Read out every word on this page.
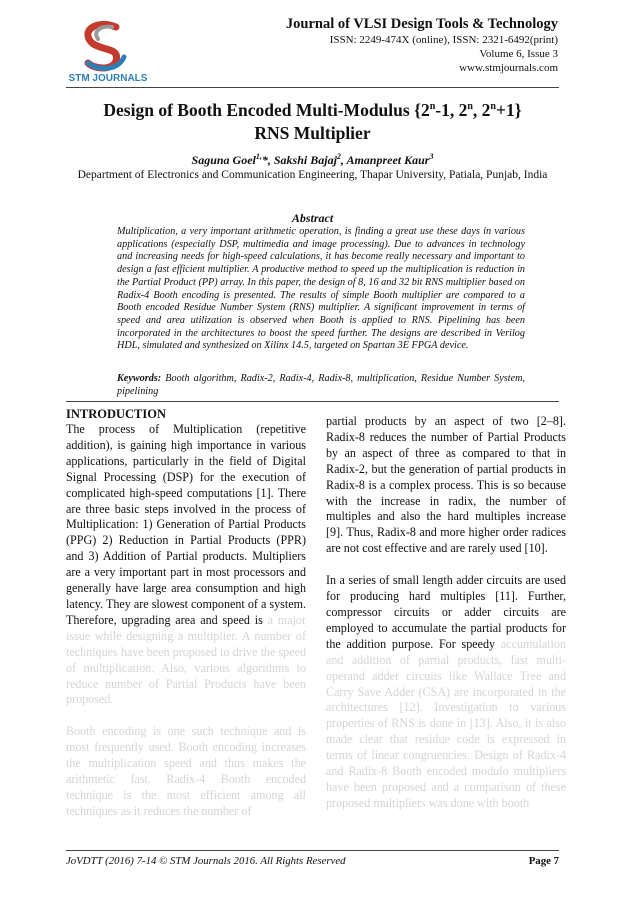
STM JOURNALS
Journal of VLSI Design Tools & Technology
ISSN: 2249-474X (online), ISSN: 2321-6492(print)
Volume 6, Issue 3
www.stmjournals.com
Design of Booth Encoded Multi-Modulus {2$^n$-1, 2$^n$, $2^n+1$}
RNS Multiplier
Saguna Goel$^{1,}$*, Sakshi Bajaj$^2$, Amanpreet Kaur$^3$
Department of Electronics and Communication Engineering, Thapar University, Patiala, Punjab, India
Abstract
Multiplication, a very important arithmetic operation, is finding a great use these days in various applications (especially DSP, multimedia and image processing). Due to advances in technology and increasing needs for high-speed calculations, it has become really necessary and important to design a fast efficient multiplier. A productive method to speed up the multiplication is reduction in the Partial Product (PP) array. In this paper, the design of 8, 16 and 32 bit RNS multiplier based on Radix-4 Booth encoding is presented. The results of simple Booth multiplier are compared to a Booth encoded Residue Number System (RNS) multiplier. A significant improvement in terms of speed and area utilization is observed when Booth is applied to RNS. Pipelining has been incorporated in the architectures to boost the speed further. The designs are described in Verilog HDL, simulated and synthesized on Xilinx 14.5, targeted on Spartan 3E FPGA device.
Keywords: Booth algorithm, Radix-2, Radix-4, Radix-8, multiplication, Residue Number System, pipelining
INTRODUCTION

The process of Multiplication (repetitive addition), is gaining high importance in various applications, particularly in the field of Digital Signal Processing (DSP) for the execution of complicated high-speed computations [1]. There are three basic steps involved in the process of Multiplication: 1) Generation of Partial Products (PPG) 2) Reduction in Partial Products (PPR) and 3) Addition of Partial products. Multipliers are a very important part in most processors and generally have large area consumption and high latency. They are slowest component of a system. Therefore, upgrading area and speed is a major issue while designing a multiplier. A number of techniques have been proposed to drive the speed of multiplication. Also, various algorithms to reduce number of Partial Products have been proposed.

Booth encoding is one such technique and is most frequently used. Booth encoding increases the multiplication speed and thus makes the arithmetic fast. Radix-4 Booth encoded technique is the most efficient among all techniques as it reduces the number of

partial products by an aspect of two [2–8]. Radix-8 reduces the number of Partial Products by an aspect of three as compared to that in Radix-2, but the generation of partial products in Radix-8 is a complex process. This is so because with the increase in radix, the number of multiples and also the hard multiples increase [9]. Thus, Radix-8 and more higher order radices are not cost effective and are rarely used [10].

In a series of small length adder circuits are used for producing hard multiples [11]. Further, compressor circuits or adder circuits are employed to accumulate the partial products for the addition purpose. For speedy accumulation and addition of partial products, fast multi-operand adder circuits like Wallace Tree and Carry Save Adder (CSA) are incorporated in the architectures [12]. Investigation to various properties of RNS is done in [13]. Also, it is also made clear that residue code is expressed in terms of linear congruencies. Design of Radix-4 and Radix-8 Booth encoded modulo multipliers have been proposed and a comparison of these proposed multipliers was done with booth

JoVDTT (2016) 7-14 © STM Journals 2016. All Rights Reserved	Page 7
